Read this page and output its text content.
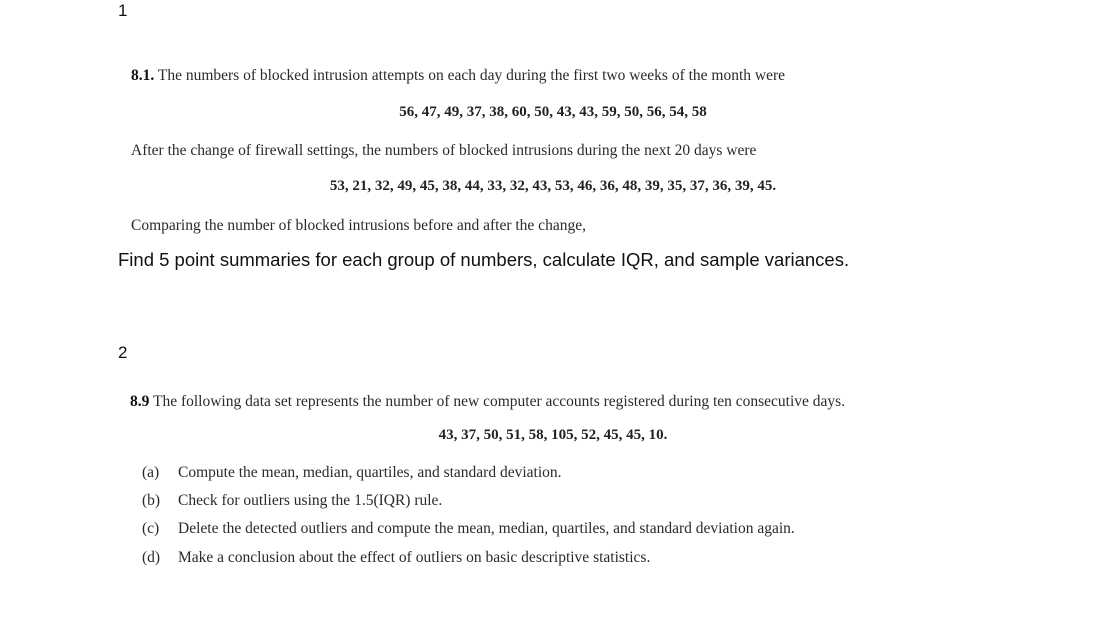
1
8.1. The numbers of blocked intrusion attempts on each day during the first two weeks of the month were
56, 47, 49, 37, 38, 60, 50, 43, 43, 59, 50, 56, 54, 58
After the change of firewall settings, the numbers of blocked intrusions during the next 20 days were
53, 21, 32, 49, 45, 38, 44, 33, 32, 43, 53, 46, 36, 48, 39, 35, 37, 36, 39, 45.
Comparing the number of blocked intrusions before and after the change,
Find 5 point summaries for each group of numbers, calculate IQR, and sample variances.
2
8.9 The following data set represents the number of new computer accounts registered during ten consecutive days.
43, 37, 50, 51, 58, 105, 52, 45, 45, 10.
(a) Compute the mean, median, quartiles, and standard deviation.
(b) Check for outliers using the 1.5(IQR) rule.
(c) Delete the detected outliers and compute the mean, median, quartiles, and standard deviation again.
(d) Make a conclusion about the effect of outliers on basic descriptive statistics.
